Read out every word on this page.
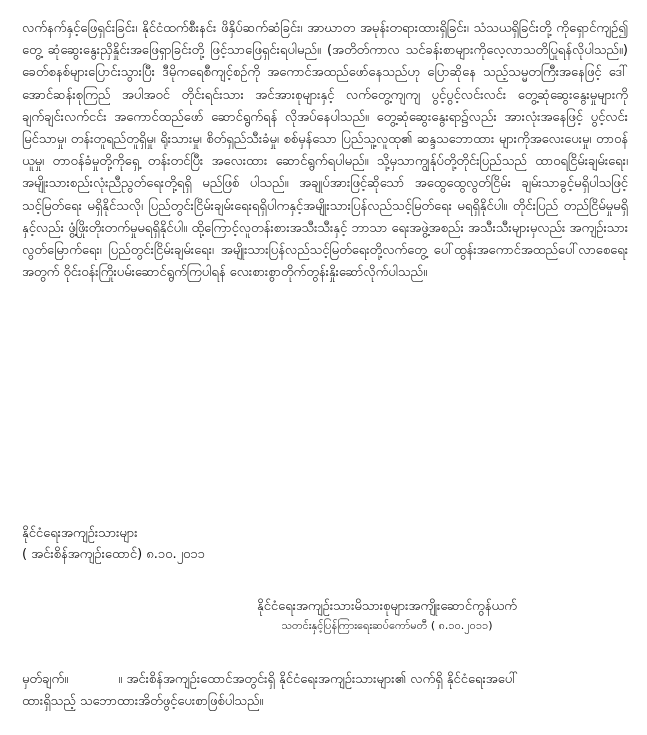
လက်နက်နှင့်ဖြေရှင်းခြင်း၊ နိုင်ငံထက်စီးနင်း ဖိနှိပ်ဆက်ဆံခြင်း၊ အာဃာတ အမုန်းတရားထားရှိခြင်း၊ သံသယရှိခြင်းတို့ ကိုရှောင်ကျဉ်၍ တွေ့ ဆုံဆွေးနွေးညှိနှိုင်းအဖြေရှာခြင်းတို့ ဖြင့်သာဖြေရှင်းရပါမည်။ (အတိတ်ကာလ သင်ခန်းစာများကိုလေ့လာသတိပြုရန်လိုပါသည်။) ခေတ်စနစ်များပြောင်းသွားပြီး ဒီမိုကရေစီကျင့်စဉ်ကို အကောင်အထည်ဖော်နေသည်ဟု ပြောဆိုနေ သည့်သမ္မတကြီးအနေဖြင့် ဒေါ်အောင်ဆန်းစုကြည် အပါအဝင် တိုင်းရင်းသား အင်အားစုများနှင့် လက်တွေ့ကျကျ ပွင့်ပွင့်လင်းလင်း တွေ့ဆုံဆွေးနွေးမှုများကို ချက်ချင်းလက်ငင်း အကောင်ထည်ဖော် ဆောင်ရွက်ရန် လိုအပ်နေပါသည်။ တွေ့ဆုံဆွေးနွေးရာ၌လည်း အားလုံးအနေဖြင့် ပွင့်လင်းမြင်သာမှု၊ တန်းတူရည်တူရှိမှု၊ ရိုးသားမှု၊ စိတ်ရှည်သီးခံမှု၊ စစ်မှန်သော ပြည်သူ့လူထု၏ ဆန္ဒသဘောထား များကိုအလေးပေးမှု၊ တာဝန်ယူမှု၊ တာဝန်ခံမှုတို့ကိုရှေ့ တန်းတင်ပြီး အလေးထား ဆောင်ရွက်ရပါမည်။ သို့မှသာကျွန်ုပ်တို့တိုင်းပြည်သည် ထာဝရငြိမ်းချမ်းရေး၊ အမျိုးသားစည်းလုံးညီညွတ်ရေးတို့ရရှိ မည်ဖြစ် ပါသည်။ အချုပ်အားဖြင့်ဆိုသော် အထွေထွေလွတ်ငြိမ်း ချမ်းသာခွင့်မရှိပါသဖြင့်သင့်မြတ်ရေး မရှိနိုင်သလို၊ ပြည်တွင်းငြိမ်းချမ်းရေးရရှိပါကနှင့်အမျိုးသားပြန်လည်သင့်မြတ်ရေး မရရှိနိုင်ပါ။ တိုင်းပြည် တည်ငြိမ်မှုမရှိနှင့်လည်း ဖွံ့ဖြိုးတိုးတက်မှုမရရှိနိုင်ပါ။ ထို့ကြောင့်လူတန်းစားအသီးသီးနှင့် ဘာသာ ရေးအဖွဲ့အစည်း အသီးသီးများမှလည်း အကျဉ်းသားလွတ်မြောက်ရေး၊ ပြည်တွင်းငြိမ်းချမ်းရေး၊ အမျိုးသားပြန်လည်သင့်မြတ်ရေးတို့လက်တွေ့ ပေါ်ထွန်းအကောင်အထည်ပေါ်လာစေရေးအတွက် ဝိုင်းဝန်းကြိုးပမ်းဆောင်ရွက်ကြပါရန် လေးစားစွာတိုက်တွန်းနှိုးဆော်လိုက်ပါသည်။

နိုင်ငံရေးအကျဉ်းသားများ
( အင်းစိန်အကျဉ်းထောင်) ၈.၁၀.၂၀၁၁
နိုင်ငံရေးအကျဉ်းသားမိသားစုများအကျိုးဆောင်ကွန်ယက်
သတင်းနှင့်ပြန်ကြားရေးဆပ်ကော်မတီ ( ၈.၁၀.၂၀၁၁)
မှတ်ချက်။	။ အင်းစိန်အကျဉ်းထောင်အတွင်းရှိ နိုင်ငံရေးအကျဉ်းသားများ၏ လက်ရှိ နိုင်ငံရေးအပေါ်
ထားရှိသည့် သဘောထားအိတ်ဖွင့်ပေးစာဖြစ်ပါသည်။
